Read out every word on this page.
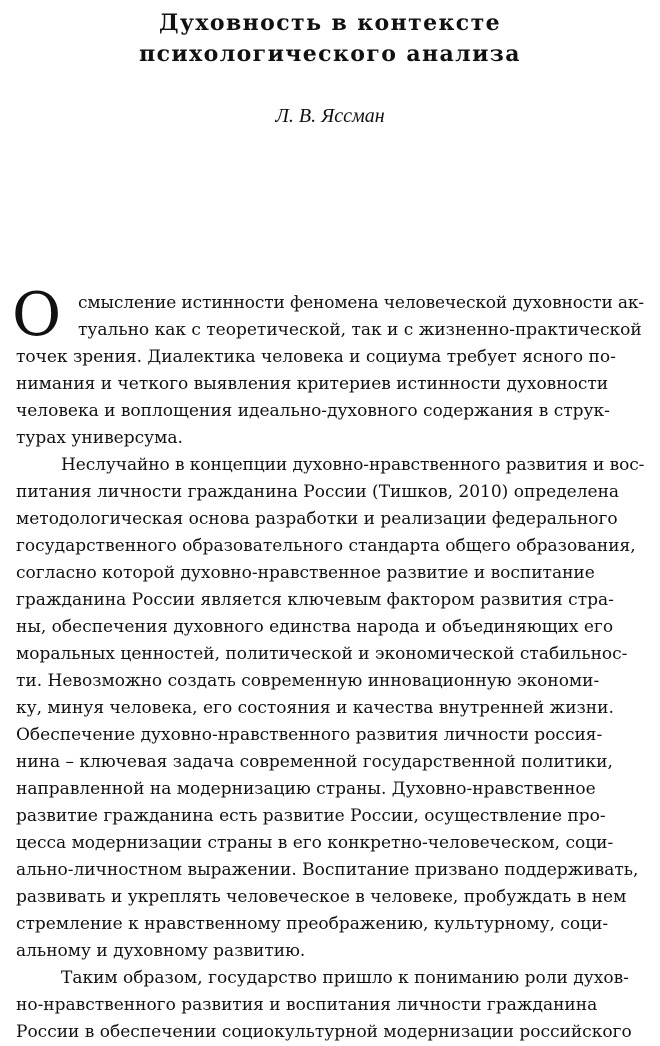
Духовность в контексте
психологического анализа

Л. В. Яссман

О смысление истинности феномена человеческой духовности ак-
туально как с теоретической, так и с жизненно-практической
точек зрения. Диалектика человека и социума требует ясного по-
нимания и четкого выявления критериев истинности духовности
человека и воплощения идеально-духовного содержания в струк-
турах универсума.
Неслучайно в концепции духовно-нравственного развития и вос-
питания личности гражданина России (Тишков, 2010) определена
методологическая основа разработки и реализации федерального
государственного образовательного стандарта общего образования,
согласно которой духовно-нравственное развитие и воспитание
гражданина России является ключевым фактором развития стра-
ны, обеспечения духовного единства народа и объединяющих его
моральных ценностей, политической и экономической стабильнос-
ти. Невозможно создать современную инновационную экономи-
ку, минуя человека, его состояния и качества внутренней жизни.
Обеспечение духовно-нравственного развития личности россия-
нина – ключевая задача современной государственной политики,
направленной на модернизацию страны. Духовно-нравственное
развитие гражданина есть развитие России, осуществление про-
цесса модернизации страны в его конкретно-человеческом, соци-
ально-личностном выражении. Воспитание призвано поддерживать,
развивать и укреплять человеческое в человеке, пробуждать в нем
стремление к нравственному преображению, культурному, соци-
альному и духовному развитию.
Таким образом, государство пришло к пониманию роли духов-
но-нравственного развития и воспитания личности гражданина
России в обеспечении социокультурной модернизации российского
